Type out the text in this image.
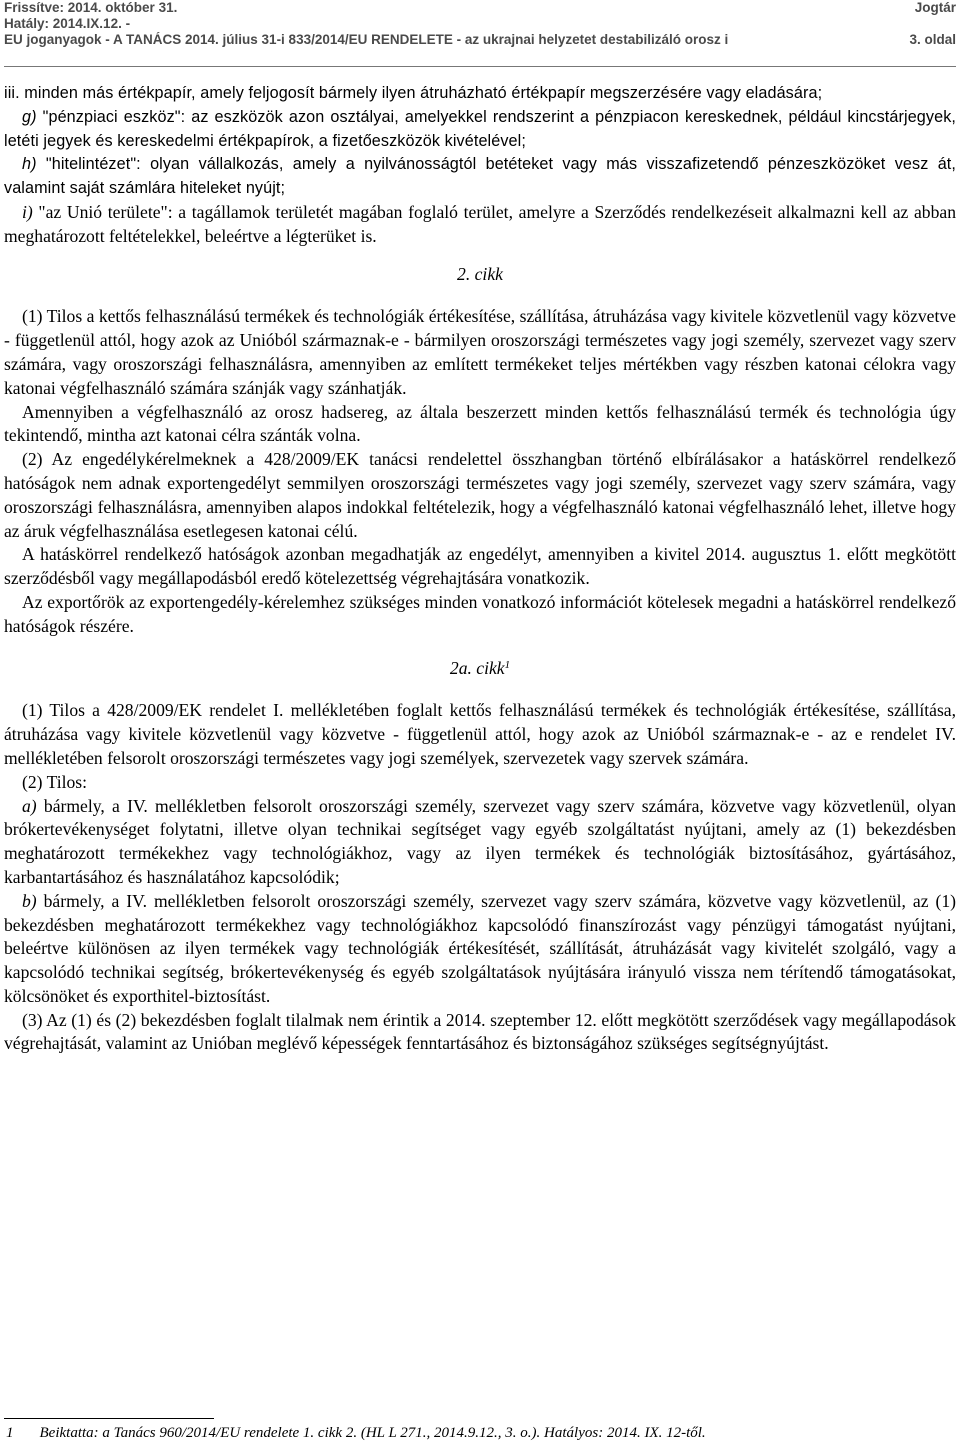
Frissítve: 2014. október 31.	Jogtár
Hatály: 2014.IX.12. -
EU joganyagok - A TANÁCS 2014. július 31-i 833/2014/EU RENDELETE - az ukrajnai helyzetet destabilizáló orosz i	3. oldal

iii. minden más értékpapír, amely feljogosít bármely ilyen átruházható értékpapír megszerzésére vagy eladására;

g) "pénzpiaci eszköz": az eszközök azon osztályai, amelyekkel rendszerint a pénzpiacon kereskednek, például kincstárjegyek, letéti jegyek és kereskedelmi értékpapírok, a fizetőeszközök kivételével;

h) "hitelintézet": olyan vállalkozás, amely a nyilvánosságtól betéteket vagy más visszafizetendő pénzeszközöket vesz át, valamint saját számlára hiteleket nyújt;

i) "az Unió területe": a tagállamok területét magában foglaló terület, amelyre a Szerződés rendelkezéseit alkalmazni kell az abban meghatározott feltételekkel, beleértve a légterüket is.

2. cikk

(1) Tilos a kettős felhasználású termékek és technológiák értékesítése, szállítása, átruházása vagy kivitele közvetlenül vagy közvetve - függetlenül attól, hogy azok az Unióból származnak-e - bármilyen oroszországi természetes vagy jogi személy, szervezet vagy szerv számára, vagy oroszországi felhasználásra, amennyiben az említett termékeket teljes mértékben vagy részben katonai célokra vagy katonai végfelhasználó számára szánják vagy szánhatják.

Amennyiben a végfelhasználó az orosz hadsereg, az általa beszerzett minden kettős felhasználású termék és technológia úgy tekintendő, mintha azt katonai célra szánták volna.

(2) Az engedélykérelmeknek a 428/2009/EK tanácsi rendelettel összhangban történő elbírálásakor a hatáskörrel rendelkező hatóságok nem adnak exportengedélyt semmilyen oroszországi természetes vagy jogi személy, szervezet vagy szerv számára, vagy oroszországi felhasználásra, amennyiben alapos indokkal feltételezik, hogy a végfelhasználó katonai végfelhasználó lehet, illetve hogy az áruk végfelhasználása esetlegesen katonai célú.

A hatáskörrel rendelkező hatóságok azonban megadhatják az engedélyt, amennyiben a kivitel 2014. augusztus 1. előtt megkötött szerződésből vagy megállapodásból eredő kötelezettség végrehajtására vonatkozik.

Az exportőrök az exportengedély-kérelemhez szükséges minden vonatkozó információt kötelesek megadni a hatáskörrel rendelkező hatóságok részére.

2a. cikk$^1$

(1) Tilos a 428/2009/EK rendelet I. mellékletében foglalt kettős felhasználású termékek és technológiák értékesítése, szállítása, átruházása vagy kivitele közvetlenül vagy közvetve - függetlenül attól, hogy azok az Unióból származnak-e - az e rendelet IV. mellékletében felsorolt oroszországi természetes vagy jogi személyek, szervezetek vagy szervek számára.

(2) Tilos:

a) bármely, a IV. mellékletben felsorolt oroszországi személy, szervezet vagy szerv számára, közvetve vagy közvetlenül, olyan brókertevékenységet folytatni, illetve olyan technikai segítséget vagy egyéb szolgáltatást nyújtani, amely az (1) bekezdésben meghatározott termékekhez vagy technológiákhoz, vagy az ilyen termékek és technológiák biztosításához, gyártásához, karbantartásához és használatához kapcsolódik;

b) bármely, a IV. mellékletben felsorolt oroszországi személy, szervezet vagy szerv számára, közvetve vagy közvetlenül, az (1) bekezdésben meghatározott termékekhez vagy technológiákhoz kapcsolódó finanszírozást vagy pénzügyi támogatást nyújtani, beleértve különösen az ilyen termékek vagy technológiák értékesítését, szállítását, átruházását vagy kivitelét szolgáló, vagy a kapcsolódó technikai segítség, brókertevékenység és egyéb szolgáltatások nyújtására irányuló vissza nem térítendő támogatásokat, kölcsönöket és exporthitel-biztosítást.

(3) Az (1) és (2) bekezdésben foglalt tilalmak nem érintik a 2014. szeptember 12. előtt megkötött szerződések vagy megállapodások végrehajtását, valamint az Unióban meglévő képességek fenntartásához és biztonságához szükséges segítségnyújtást.

1 Beiktatta: a Tanács 960/2014/EU rendelete 1. cikk 2. (HL L 271., 2014.9.12., 3. o.). Hatályos: 2014. IX. 12-től.
